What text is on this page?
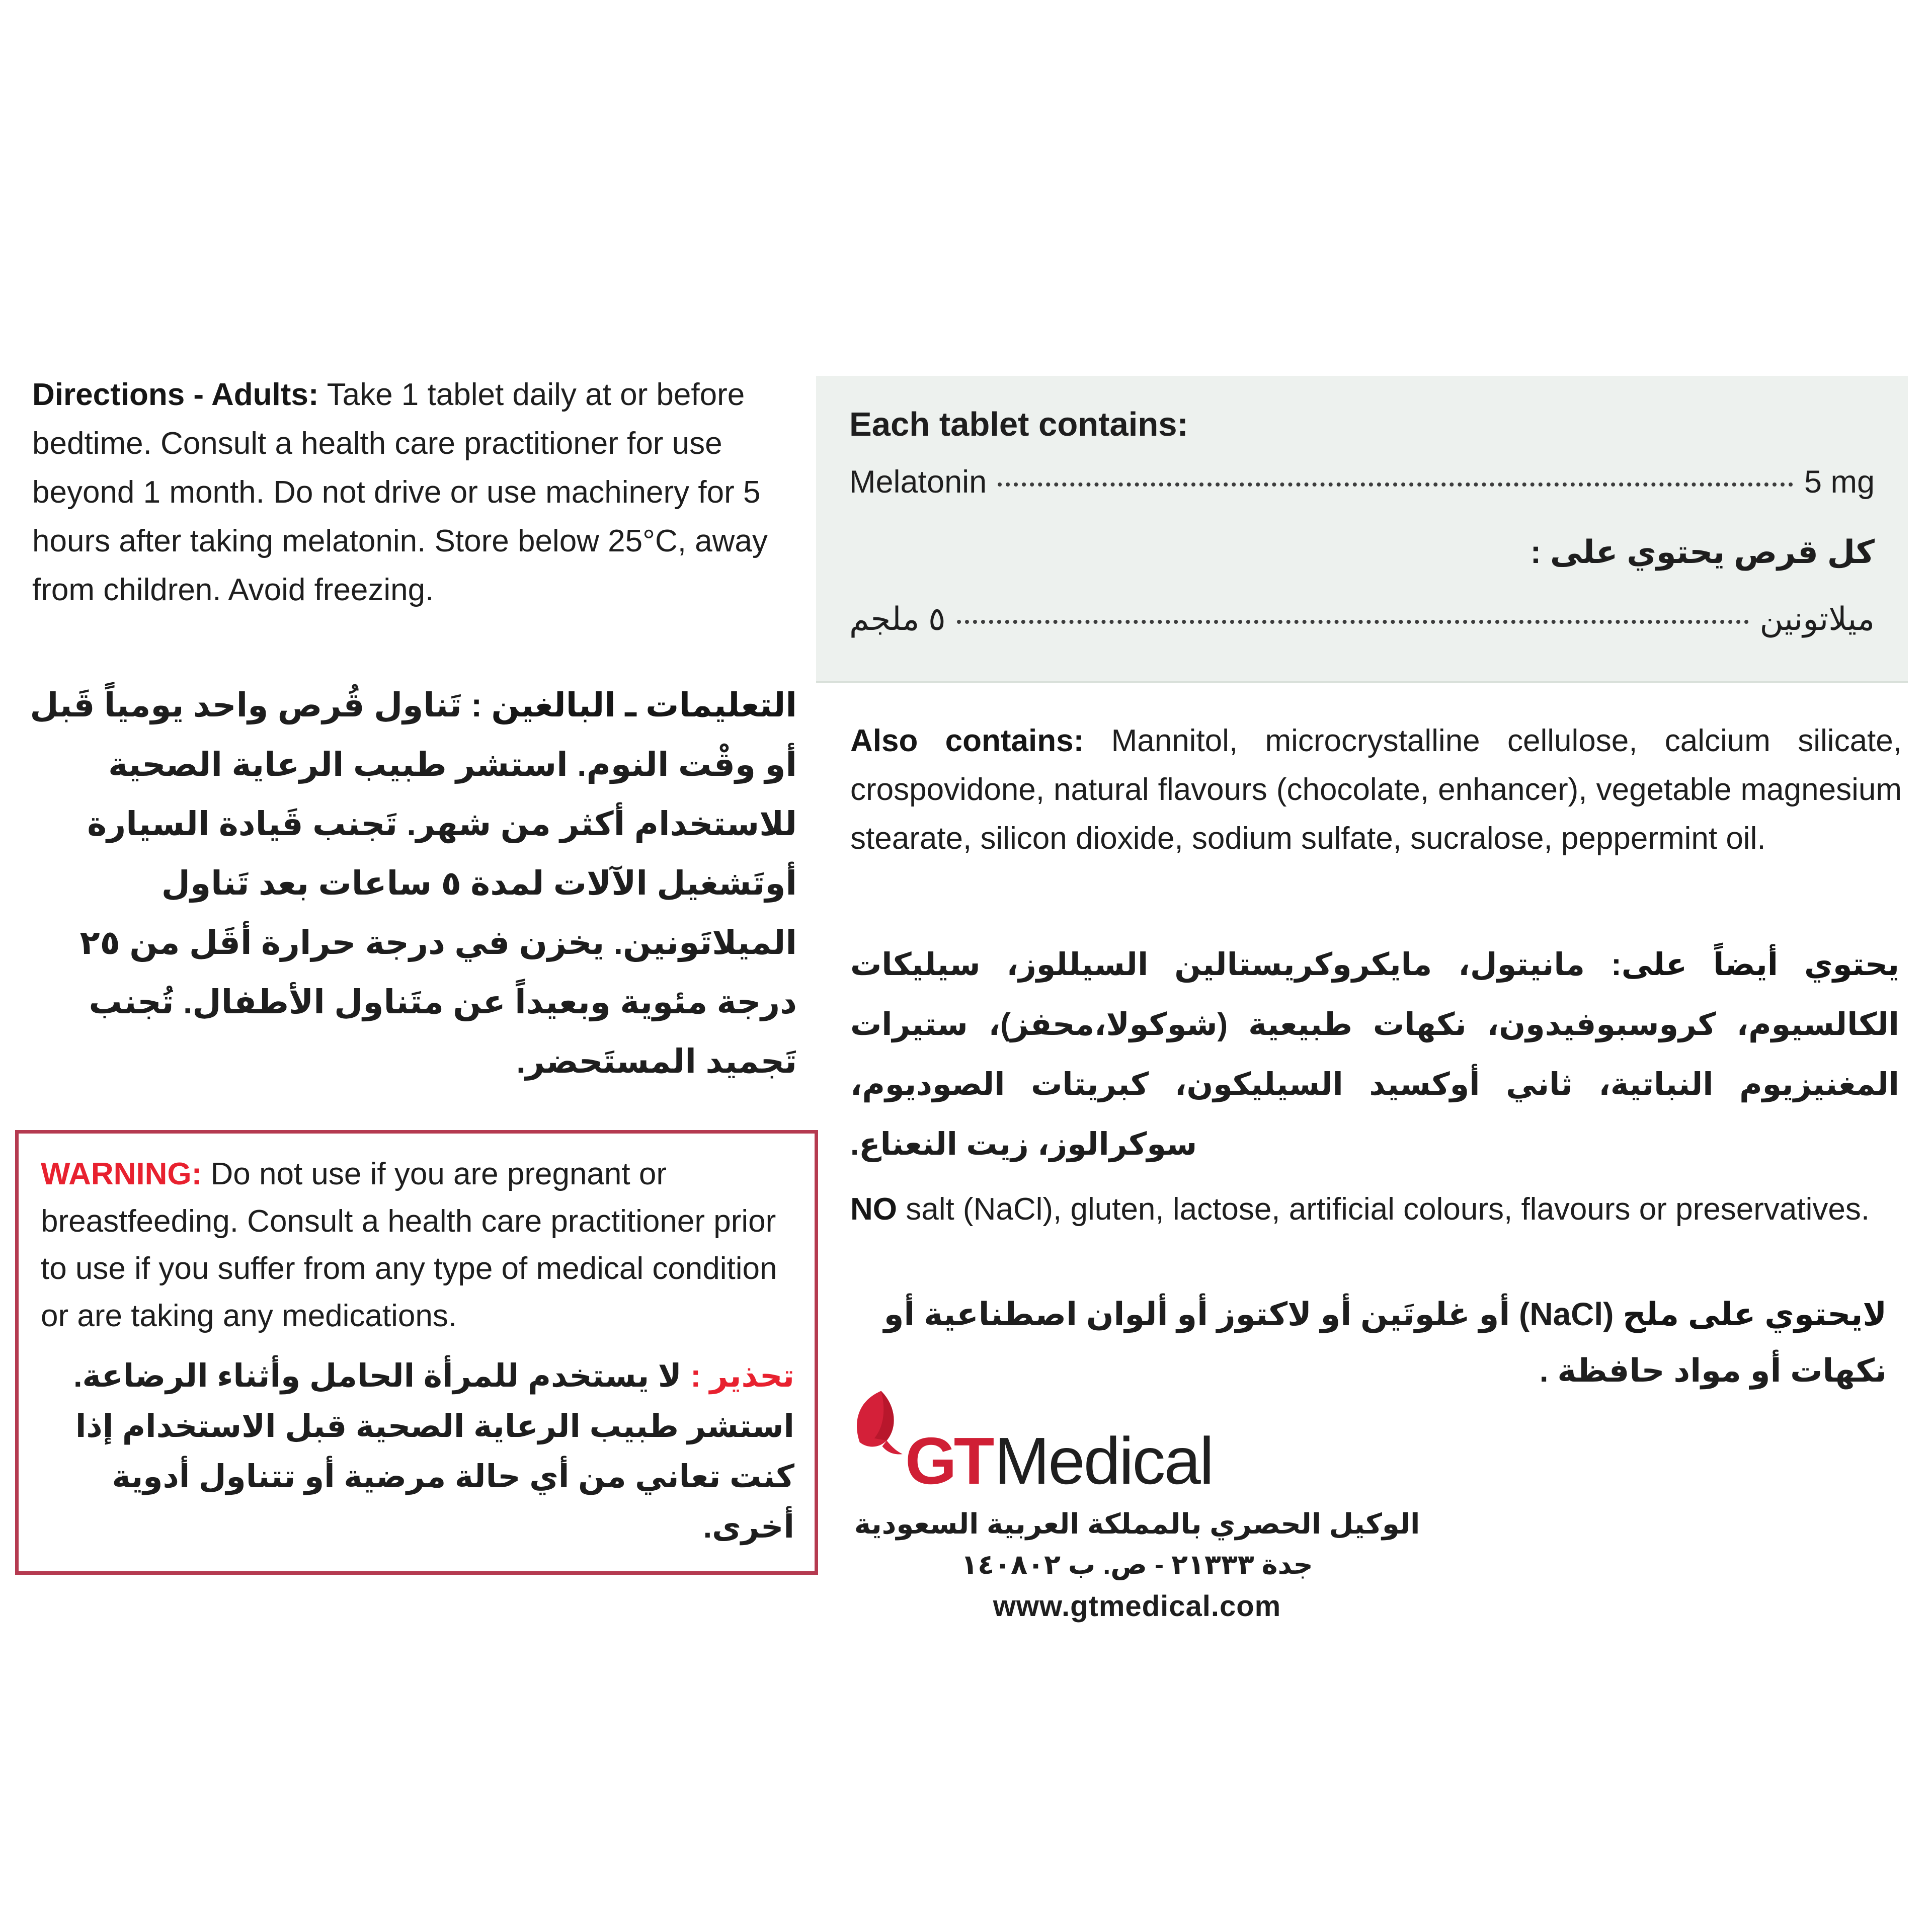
Directions - Adults: Take 1 tablet daily at or before bedtime. Consult a health care practitioner for use beyond 1 month. Do not drive or use machinery for 5 hours after taking melatonin. Store below 25°C, away from children. Avoid freezing.
التعليمات ـ البالغين : تَناول قُرص واحد يومياً قَبل أو وقْت النوم. استشر طبيب الرعاية الصحية للاستخدام أكثر من شهر. تَجنب قَيادة السيارة أوتَشغيل الآلات لمدة ٥ ساعات بعد تَناول الميلاتَونين. يخزن في درجة حرارة أقَل من ٢٥ درجة مئوية وبعيداً عن متَناول الأطفال. تُجنب تَجميد المستَحضر.
WARNING: Do not use if you are pregnant or breastfeeding. Consult a health care practitioner prior to use if you suffer from any type of medical condition or are taking any medications.
تحذير : لا يستخدم للمرأة الحامل وأثناء الرضاعة. استشر طبيب الرعاية الصحية قبل الاستخدام إذا كنت تعاني من أي حالة مرضية أو تتناول أدوية أخرى.
Each tablet contains:
Melatonin	5 mg
كل قرص يحتوي على :
ميلاتونين
٥ ملجم
Also contains: Mannitol, microcrystalline cellulose, calcium silicate, crospovidone, natural flavours (chocolate, enhancer), vegetable magnesium stearate, silicon dioxide, sodium sulfate, sucralose, peppermint oil.
يحتوي أيضاً على: مانيتول، مايكروكريستالين السيللوز، سيليكات الكالسيوم، كروسبوفيدون، نكهات طبيعية (شوكولا،محفز)، ستيرات المغنيزيوم النباتية، ثاني أوكسيد السيليكون، كبريتات الصوديوم، سوكرالوز، زيت النعناع.
NO salt (NaCl), gluten, lactose, artificial colours, flavours or preservatives.
لايحتوي على ملح (NaCl) أو غلوتَين أو لاكتوز أو ألوان اصطناعية أو نكهات أو مواد حافظة .
GT Medical
الوكيل الحصري بالمملكة العربية السعودية
جدة ٢١٣٣٣ - ص. ب ١٤٠٨٠٢
www.gtmedical.com
